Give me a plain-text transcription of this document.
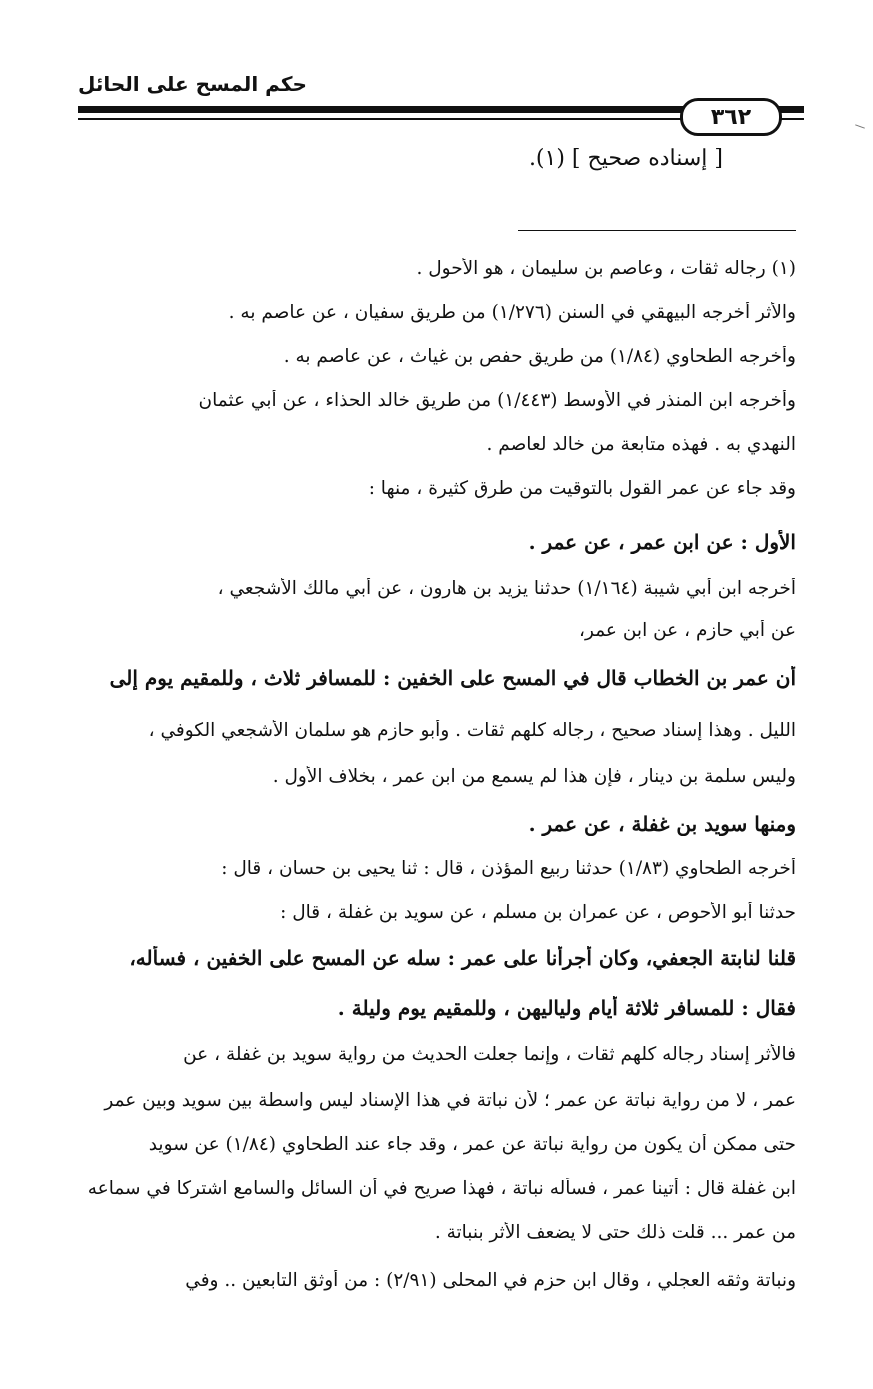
حكم المسح على الحائل
٣٦٢
[ إسناده صحيح ] (١).
(١) رجاله ثقات ، وعاصم بن سليمان ، هو الأحول .
والأثر أخرجه البيهقي في السنن (١/٢٧٦) من طريق سفيان ، عن عاصم به .
وأخرجه الطحاوي (١/٨٤) من طريق حفص بن غياث ، عن عاصم به .
وأخرجه ابن المنذر في الأوسط (١/٤٤٣) من طريق خالد الحذاء ، عن أبي عثمان
النهدي به . فهذه متابعة من خالد لعاصم .
وقد جاء عن عمر القول بالتوقيت من طرق كثيرة ، منها :
الأول : عن ابن عمر ، عن عمر .
أخرجه ابن أبي شيبة (١/١٦٤) حدثنا يزيد بن هارون ، عن أبي مالك الأشجعي ،
عن أبي حازم ، عن ابن عمر،
أن عمر بن الخطاب قال في المسح على الخفين : للمسافر ثلاث ، وللمقيم يوم إلى
الليل . وهذا إسناد صحيح ، رجاله كلهم ثقات . وأبو حازم هو سلمان الأشجعي الكوفي ،
وليس سلمة بن دينار ، فإن هذا لم يسمع من ابن عمر ، بخلاف الأول .
ومنها سويد بن غفلة ، عن عمر .
أخرجه الطحاوي (١/٨٣) حدثنا ربيع المؤذن ، قال : ثنا يحيى بن حسان ، قال :
حدثنا أبو الأحوص ، عن عمران بن مسلم ، عن سويد بن غفلة ، قال :
قلنا لنابتة الجعفي، وكان أجرأنا على عمر : سله عن المسح على الخفين ، فسأله،
فقال : للمسافر ثلاثة أيام ولياليهن ، وللمقيم يوم وليلة .
فالأثر إسناد رجاله كلهم ثقات ، وإنما جعلت الحديث من رواية سويد بن غفلة ، عن
عمر ، لا من رواية نباتة عن عمر ؛ لأن نباتة في هذا الإسناد ليس واسطة بين سويد وبين عمر
حتى ممكن أن يكون من رواية نباتة عن عمر ، وقد جاء عند الطحاوي (١/٨٤) عن سويد
ابن غفلة قال : أتينا عمر ، فسأله نباتة ، فهذا صريح في أن السائل والسامع اشتركا في سماعه
من عمر ... قلت ذلك حتى لا يضعف الأثر بنباتة .
ونباتة وثقه العجلي ، وقال ابن حزم في المحلى (٢/٩١) : من أوثق التابعين .. وفي
